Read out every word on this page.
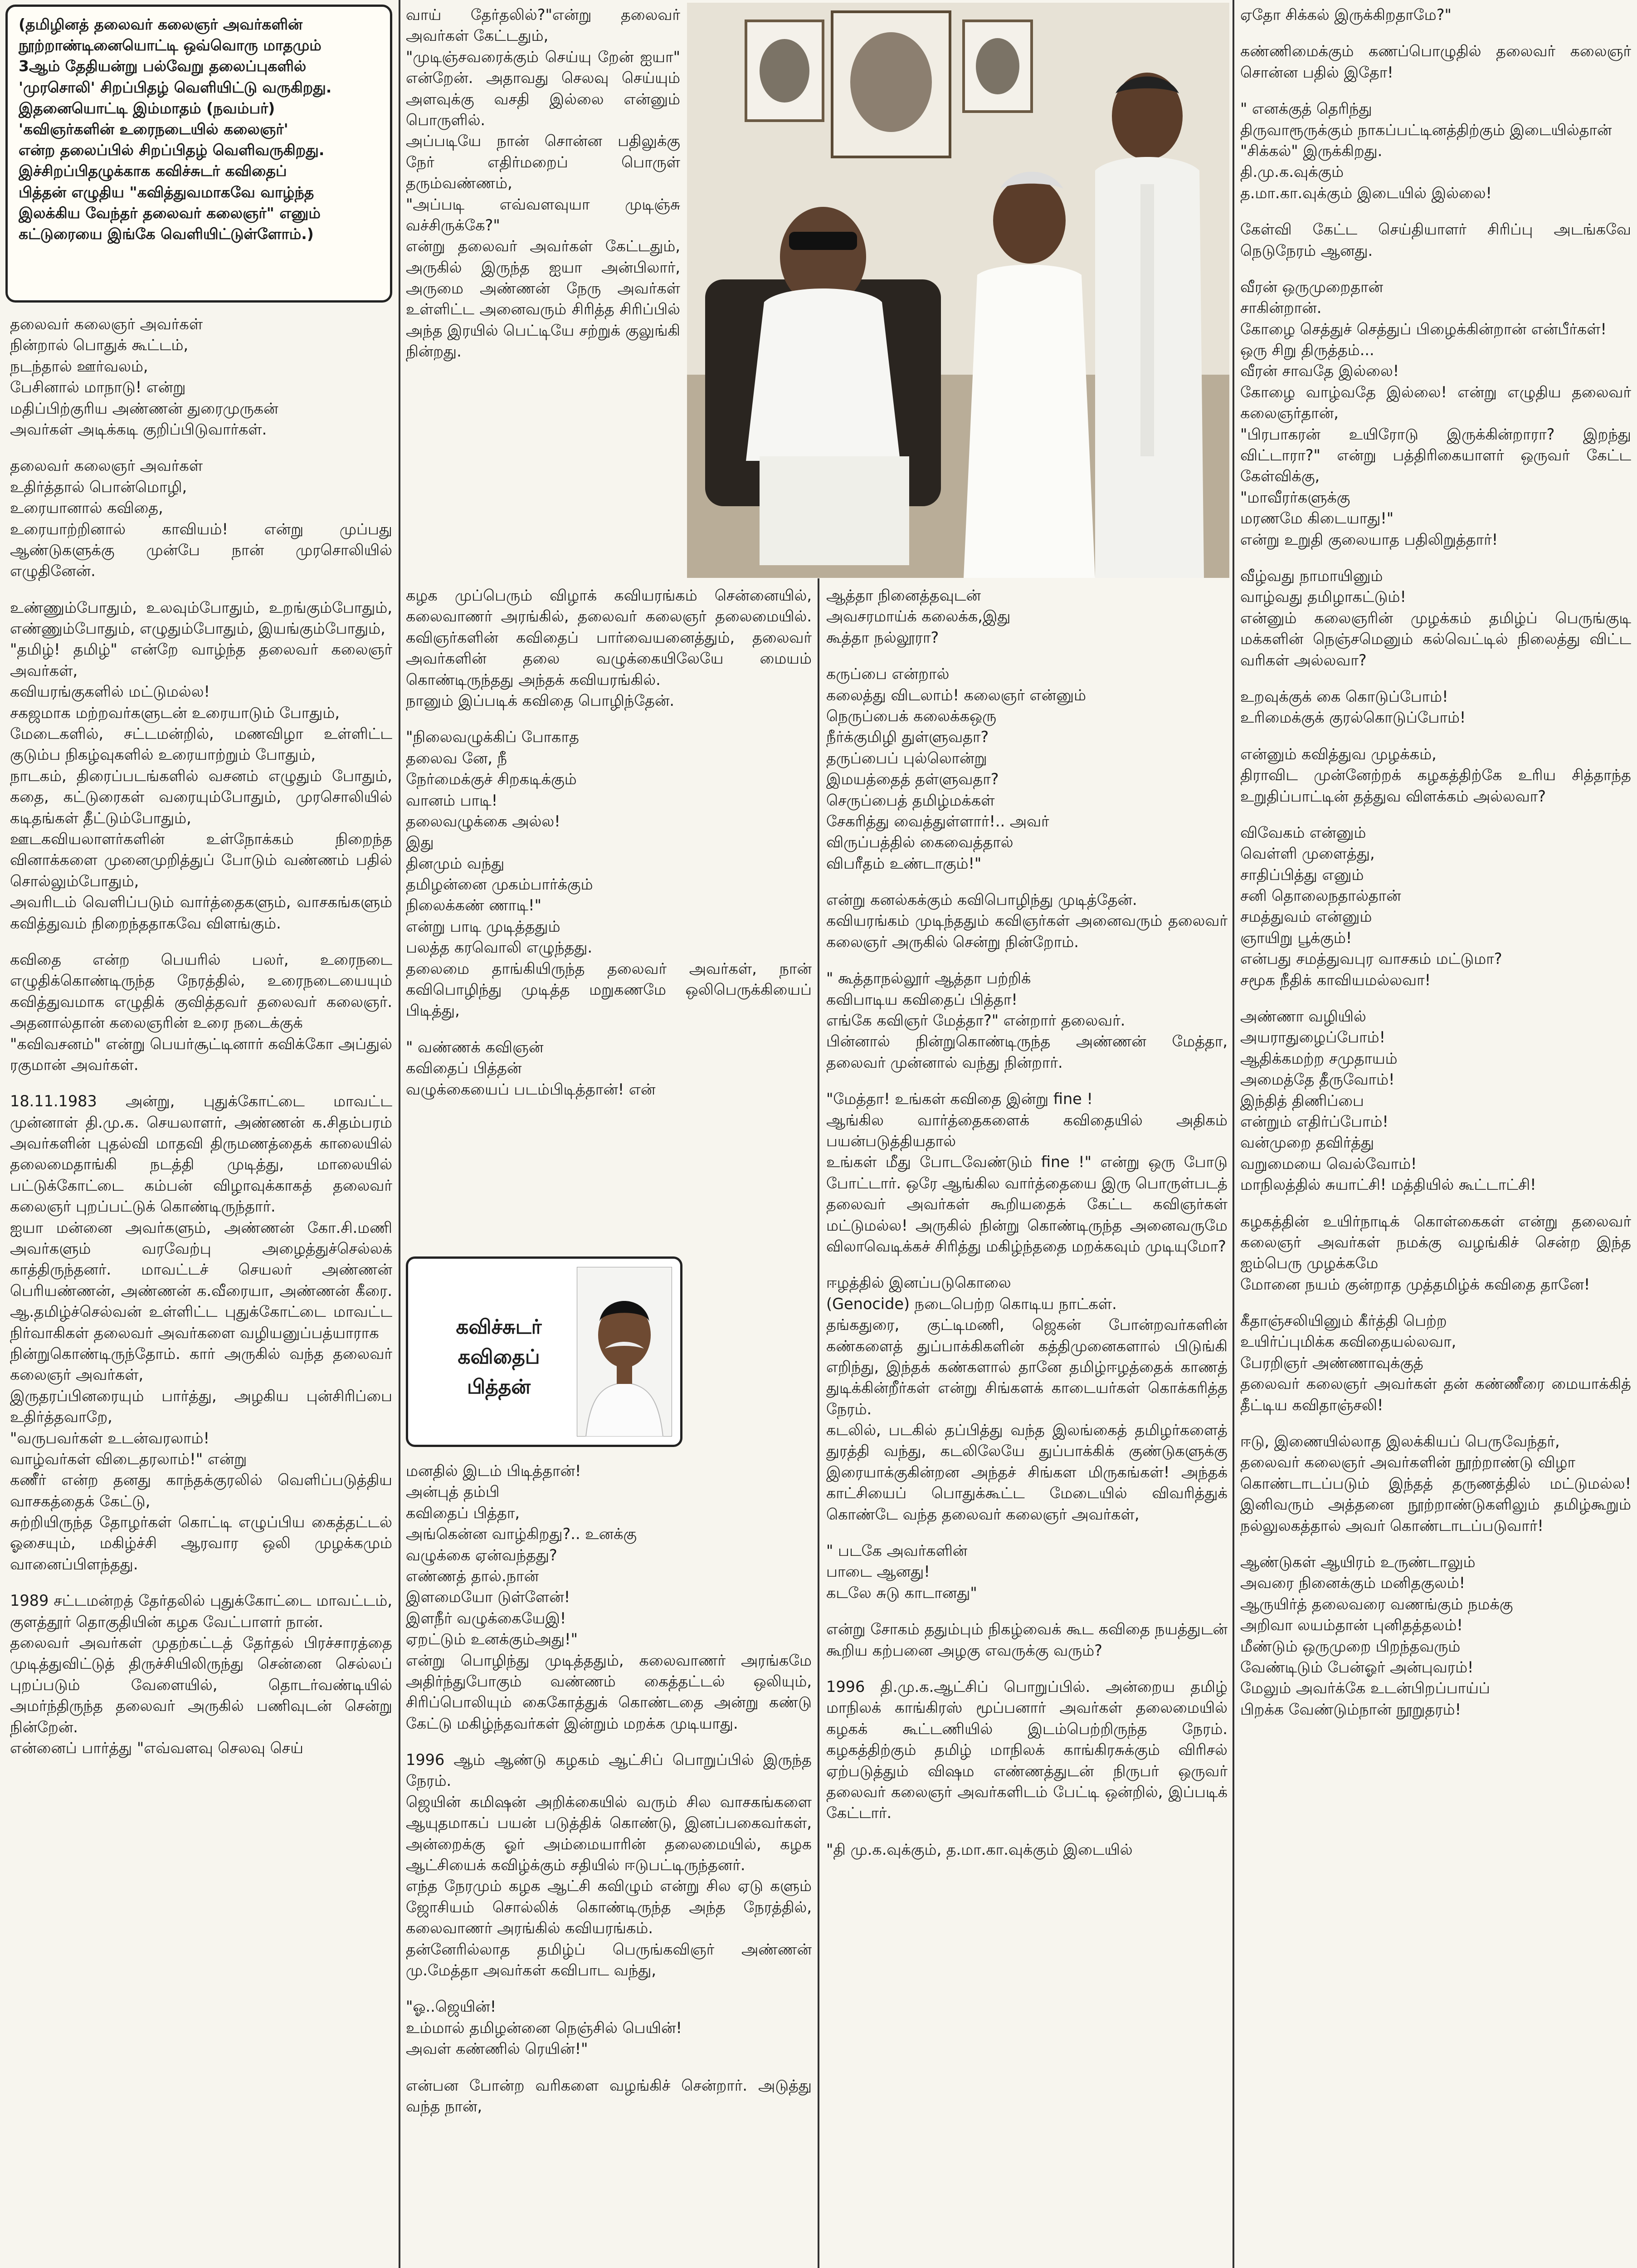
(தமிழினத் தலைவர் கலைஞர் அவர்களின்
நூற்றாண்டினையொட்டி ஒவ்வொரு மாதமும்
3ஆம் தேதியன்று பல்வேறு தலைப்புகளில்
'முரசொலி' சிறப்பிதழ் வெளியிட்டு வருகிறது.
இதனையொட்டி இம்மாதம் (நவம்பர்)
'கவிஞர்களின் உரைநடையில் கலைஞர்'
என்ற தலைப்பில் சிறப்பிதழ் வெளிவருகிறது.
இச்சிறப்பிதழுக்காக கவிச்சுடர் கவிதைப்
பித்தன் எழுதிய "கவித்துவமாகவே வாழ்ந்த
இலக்கிய வேந்தர் தலைவர் கலைஞர்" எனும்
கட்டுரையை இங்கே வெளியிட்டுள்ளோம்.)

தலைவர் கலைஞர் அவர்கள்
நின்றால் பொதுக் கூட்டம்,
நடந்தால் ஊர்வலம்,
பேசினால் மாநாடு! என்று
மதிப்பிற்குரிய அண்ணன் துரைமுருகன்
அவர்கள் அடிக்கடி குறிப்பிடுவார்கள்.

தலைவர் கலைஞர் அவர்கள்
உதிர்த்தால் பொன்மொழி,
உரையானால் கவிதை,
உரையாற்றினால் காவியம்! என்று முப்பது ஆண்டுகளுக்கு முன்பே நான் முரசொலியில் எழுதினேன்.

உண்ணும்போதும், உலவும்போதும், உறங்கும்போதும், எண்ணும்போதும், எழுதும்போதும், இயங்கும்போதும்,
"தமிழ்! தமிழ்" என்றே வாழ்ந்த தலைவர் கலைஞர் அவர்கள்,
கவியரங்குகளில் மட்டுமல்ல!
சகஜமாக மற்றவர்களுடன் உரையாடும் போதும்,
மேடைகளில், சட்டமன்றில், மணவிழா உள்ளிட்ட குடும்ப நிகழ்வுகளில் உரையாற்றும் போதும்,
நாடகம், திரைப்படங்களில் வசனம் எழுதும் போதும், கதை, கட்டுரைகள் வரையும்போதும், முரசொலியில் கடிதங்கள் தீட்டும்போதும்,
ஊடகவியலாளர்களின் உள்நோக்கம் நிறைந்த வினாக்களை முனைமுறித்துப் போடும் வண்ணம் பதில் சொல்லும்போதும்,
அவரிடம் வெளிப்படும் வார்த்தைகளும், வாசகங்களும் கவித்துவம் நிறைந்ததாகவே விளங்கும்.

கவிதை என்ற பெயரில் பலர், உரைநடை எழுதிக்கொண்டிருந்த நேரத்தில், உரைநடையையும் கவித்துவமாக எழுதிக் குவித்தவர் தலைவர் கலைஞர். அதனால்தான் கலைஞரின் உரை நடைக்குக்
"கவிவசனம்" என்று பெயர்சூட்டினார் கவிக்கோ அப்துல் ரகுமான் அவர்கள்.

18.11.1983 அன்று, புதுக்கோட்டை மாவட்ட முன்னாள் தி.மு.க. செயலாளர், அண்ணன் க.சிதம்பரம் அவர்களின் புதல்வி மாதவி திருமணத்தைக் காலையில் தலைமைதாங்கி நடத்தி முடித்து, மாலையில் பட்டுக்கோட்டை கம்பன் விழாவுக்காகத் தலைவர் கலைஞர் புறப்பட்டுக் கொண்டிருந்தார்.
ஐயா மன்னை அவர்களும், அண்ணன் கோ.சி.மணி அவர்களும் வரவேற்பு அழைத்துச்செல்லக் காத்திருந்தனர். மாவட்டச் செயலர் அண்ணன் பெரியண்ணன், அண்ணன் க.வீரையா, அண்ணன் கீரை. ஆ.தமிழ்ச்செல்வன் உள்ளிட்ட புதுக்கோட்டை மாவட்ட நிர்வாகிகள் தலைவர் அவர்களை வழியனுப்பத்யாராக
நின்றுகொண்டிருந்தோம். கார் அருகில் வந்த தலைவர் கலைஞர் அவர்கள்,
இருதரப்பினரையும் பார்த்து, அழகிய புன்சிரிப்பை உதிர்த்தவாறே,
"வருபவர்கள் உடன்வரலாம்!
வாழ்வர்கள் விடைதரலாம்!" என்று
கணீர் என்ற தனது காந்தக்குரலில் வெளிப்படுத்திய வாசகத்தைக் கேட்டு,
சுற்றியிருந்த தோழர்கள் கொட்டி எழுப்பிய கைத்தட்டல் ஓசையும், மகிழ்ச்சி ஆரவார ஒலி முழக்கமும் வானைப்பிளந்தது.

1989 சட்டமன்றத் தேர்தலில் புதுக்கோட்டை மாவட்டம், குளத்தூர் தொகுதியின் கழக வேட்பாளர் நான்.
தலைவர் அவர்கள் முதற்கட்டத் தேர்தல் பிரச்சாரத்தை முடித்துவிட்டுத் திருச்சியிலிருந்து சென்னை செல்லப் புறப்படும் வேளையில், தொடர்வண்டியில் அமர்ந்திருந்த தலைவர் அருகில் பணிவுடன் சென்று நின்றேன்.
என்னைப் பார்த்து "எவ்வளவு செலவு செய்

வாய் தேர்தலில்?"என்று தலைவர் அவர்கள் கேட்டதும்,
"முடிஞ்சவரைக்கும் செய்யு றேன் ஐயா" என்றேன். அதாவது செலவு செய்யும் அளவுக்கு வசதி இல்லை என்னும் பொருளில்.
அப்படியே நான் சொன்ன பதிலுக்கு நேர் எதிர்மறைப் பொருள் தரும்வண்ணம்,
"அப்படி எவ்வளவுயா முடிஞ்சு வச்சிருக்கே?"
என்று தலைவர் அவர்கள் கேட்டதும், அருகில் இருந்த ஐயா அன்பிலார், அருமை அண்ணன் நேரு அவர்கள் உள்ளிட்ட அனைவரும் சிரித்த சிரிப்பில் அந்த இரயில் பெட்டியே சற்றுக் குலுங்கி நின்றது.

கழக முப்பெரும் விழாக் கவியரங்கம் சென்னையில், கலைவாணர் அரங்கில், தலைவர் கலைஞர் தலைமையில். கவிஞர்களின் கவிதைப் பார்வையனைத்தும், தலைவர் அவர்களின் தலை வழுக்கையிலேயே மையம் கொண்டிருந்தது அந்தக் கவியரங்கில்.
நானும் இப்படிக் கவிதை பொழிந்தேன்.

"நிலைவழுக்கிப் போகாத
தலைவ னே, நீ
நேர்மைக்குச் சிறகடிக்கும்
வானம் பாடி!
தலைவழுக்கை அல்ல!
இது
தினமும் வந்து
தமிழன்னை முகம்பார்க்கும்
நிலைக்கண் ணாடி!"
என்று பாடி முடித்ததும்
பலத்த கரவொலி எழுந்தது.
தலைமை தாங்கியிருந்த தலைவர் அவர்கள், நான் கவிபொழிந்து முடித்த மறுகணமே ஒலிபெருக்கியைப் பிடித்து,

" வண்ணக் கவிஞன்
கவிதைப் பித்தன்
வழுக்கையைப் படம்பிடித்தான்! என்

மனதில் இடம் பிடித்தான்!
அன்புத் தம்பி
கவிதைப் பித்தா,
அங்கென்ன வாழ்கிறது?.. உனக்கு
வழுக்கை ஏன்வந்தது?
எண்ணத் தால்.நான்
இளமையோ டுள்ளேன்!
இளநீர் வழுக்கையேஇ!
ஏறட்டும் உனக்கும்அது!"
என்று பொழிந்து முடித்ததும், கலைவாணர் அரங்கமே அதிர்ந்துபோகும் வண்ணம் கைத்தட்டல் ஒலியும், சிரிப்பொலியும் கைகோத்துக் கொண்டதை அன்று கண்டு கேட்டு மகிழ்ந்தவர்கள் இன்றும் மறக்க முடியாது.

1996 ஆம் ஆண்டு கழகம் ஆட்சிப் பொறுப்பில் இருந்த நேரம்.
ஜெயின் கமிஷன் அறிக்கையில் வரும் சில வாசகங்களை ஆயுதமாகப் பயன் படுத்திக் கொண்டு, இனப்பகைவர்கள், அன்றைக்கு ஓர் அம்மையாரின் தலைமையில், கழக ஆட்சியைக் கவிழ்க்கும் சதியில் ஈடுபட்டிருந்தனர்.
எந்த நேரமும் கழக ஆட்சி கவிழும் என்று சில ஏடு களும் ஜோசியம் சொல்லிக் கொண்டிருந்த அந்த நேரத்தில், கலைவாணர் அரங்கில் கவியரங்கம்.
தன்னேரில்லாத தமிழ்ப் பெருங்கவிஞர் அண்ணன் மு.மேத்தா அவர்கள் கவிபாட வந்து,

"ஓ..ஜெயின்!
உம்மால் தமிழன்னை நெஞ்சில் பெயின்!
அவள் கண்ணில் ரெயின்!"

என்பன போன்ற வரிகளை வழங்கிச் சென்றார். அடுத்து வந்த நான்,

கவிச்சுடர்
கவிதைப் பித்தன்

ஆத்தா நினைத்தவுடன்
அவசரமாய்க் கலைக்க,இது
கூத்தா நல்லூரா?

கருப்பை என்றால்
கலைத்து விடலாம்! கலைஞர் என்னும்
நெருப்பைக் கலைக்கஒரு
நீர்க்குமிழி துள்ளுவதா?
தருப்பைப் புல்லொன்று
இமயத்தைத் தள்ளுவதா?
செருப்பைத் தமிழ்மக்கள்
சேகரித்து வைத்துள்ளார்!.. அவர்
விருப்பத்தில் கைவைத்தால்
விபரீதம் உண்டாகும்!"

என்று கனல்கக்கும் கவிபொழிந்து முடித்தேன்.
கவியரங்கம் முடிந்ததும் கவிஞர்கள் அனைவரும் தலைவர் கலைஞர் அருகில் சென்று நின்றோம்.

" கூத்தாநல்லூர் ஆத்தா பற்றிக்
கவிபாடிய கவிதைப் பித்தா!
எங்கே கவிஞர் மேத்தா?" என்றார் தலைவர்.
பின்னால் நின்றுகொண்டிருந்த அண்ணன் மேத்தா, தலைவர் முன்னால் வந்து நின்றார்.

"மேத்தா! உங்கள் கவிதை இன்று fine !
ஆங்கில வார்த்தைகளைக் கவிதையில் அதிகம் பயன்படுத்தியதால்
உங்கள் மீது போடவேண்டும் fine !" என்று ஒரு போடு போட்டார். ஒரே ஆங்கில வார்த்தையை இரு பொருள்படத் தலைவர் அவர்கள் கூறியதைக் கேட்ட கவிஞர்கள் மட்டுமல்ல! அருகில் நின்று கொண்டிருந்த அனைவருமே விலாவெடிக்கச் சிரித்து மகிழ்ந்ததை மறக்கவும் முடியுமோ?

ஈழத்தில் இனப்படுகொலை
(Genocide) நடைபெற்ற கொடிய நாட்கள்.
தங்கதுரை, குட்டிமணி, ஜெகன் போன்றவர்களின் கண்களைத் துப்பாக்கிகளின் கத்திமுனைகளால் பிடுங்கி எறிந்து, இந்தக் கண்களால் தானே தமிழ்ஈழத்தைக் காணத் துடிக்கின்றீர்கள் என்று சிங்களக் காடையர்கள் கொக்கரித்த நேரம்.
கடலில், படகில் தப்பித்து வந்த இலங்கைத் தமிழர்களைத் துரத்தி வந்து, கடலிலேயே துப்பாக்கிக் குண்டுகளுக்கு இரையாக்குகின்றன அந்தச் சிங்கள மிருகங்கள்! அந்தக் காட்சியைப் பொதுக்கூட்ட மேடையில் விவரித்துக் கொண்டே வந்த தலைவர் கலைஞர் அவர்கள்,

" படகே அவர்களின்
பாடை ஆனது!
கடலே சுடு காடானது"

என்று சோகம் ததும்பும் நிகழ்வைக் கூட கவிதை நயத்துடன் கூறிய கற்பனை அழகு எவருக்கு வரும்?

1996 தி.மு.க.ஆட்சிப் பொறுப்பில். அன்றைய தமிழ் மாநிலக் காங்கிரஸ் மூப்பனார் அவர்கள் தலைமையில் கழகக் கூட்டணியில் இடம்பெற்றிருந்த நேரம். கழகத்திற்கும் தமிழ் மாநிலக் காங்கிரசுக்கும் விரிசல் ஏற்படுத்தும் விஷம எண்ணத்துடன் நிருபர் ஒருவர் தலைவர் கலைஞர் அவர்களிடம் பேட்டி ஒன்றில், இப்படிக் கேட்டார்.

"தி மு.க.வுக்கும், த.மா.கா.வுக்கும் இடையில்

ஏதோ சிக்கல் இருக்கிறதாமே?"

கண்ணிமைக்கும் கணப்பொழுதில் தலைவர் கலைஞர் சொன்ன பதில் இதோ!

" எனக்குத் தெரிந்து
திருவாரூருக்கும் நாகப்பட்டினத்திற்கும் இடையில்தான்
"சிக்கல்" இருக்கிறது.
தி.மு.க.வுக்கும்
த.மா.கா.வுக்கும் இடையில் இல்லை!

கேள்வி கேட்ட செய்தியாளர் சிரிப்பு அடங்கவே நெடுநேரம் ஆனது.

வீரன் ஒருமுறைதான்
சாகின்றான்.
கோழை செத்துச் செத்துப் பிழைக்கின்றான் என்பீர்கள்!
ஒரு சிறு திருத்தம்...
வீரன் சாவதே இல்லை!
கோழை வாழ்வதே இல்லை! என்று எழுதிய தலைவர் கலைஞர்தான்,
"பிரபாகரன் உயிரோடு இருக்கின்றாரா? இறந்து விட்டாரா?" என்று பத்திரிகையாளர் ஒருவர் கேட்ட கேள்விக்கு,
"மாவீரர்களுக்கு
மரணமே கிடையாது!"
என்று உறுதி குலையாத பதிலிறுத்தார்!

வீழ்வது நாமாயினும்
வாழ்வது தமிழாகட்டும்!
என்னும் கலைஞரின் முழக்கம் தமிழ்ப் பெருங்குடி மக்களின் நெஞ்சமெனும் கல்வெட்டில் நிலைத்து விட்ட வரிகள் அல்லவா?

உறவுக்குக் கை கொடுப்போம்!
உரிமைக்குக் குரல்கொடுப்போம்!

என்னும் கவித்துவ முழக்கம்,
திராவிட முன்னேற்றக் கழகத்திற்கே உரிய சித்தாந்த உறுதிப்பாட்டின் தத்துவ விளக்கம் அல்லவா?

விவேகம் என்னும்
வெள்ளி முளைத்து,
சாதிப்பித்து எனும்
சனி தொலைநதால்தான்
சமத்துவம் என்னும்
ஞாயிறு பூக்கும்!
என்பது சமத்துவபுர வாசகம் மட்டுமா?
சமூக நீதிக் காவியமல்லவா!

அண்ணா வழியில்
அயராதுழைப்போம்!
ஆதிக்கமற்ற சமுதாயம்
அமைத்தே தீருவோம்!
இந்தித் திணிப்பை
என்றும் எதிர்ப்போம்!
வன்முறை தவிர்த்து
வறுமையை வெல்வோம்!
மாநிலத்தில் சுயாட்சி! மத்தியில் கூட்டாட்சி!

கழகத்தின் உயிர்நாடிக் கொள்கைகள் என்று தலைவர் கலைஞர் அவர்கள் நமக்கு வழங்கிச் சென்ற இந்த ஐம்பெரு முழக்கமே
மோனை நயம் குன்றாத முத்தமிழ்க் கவிதை தானே!

கீதாஞ்சலியினும் கீர்த்தி பெற்ற
உயிர்ப்புமிக்க கவிதையல்லவா,
பேரறிஞர் அண்ணாவுக்குத்
தலைவர் கலைஞர் அவர்கள் தன் கண்ணீரை மையாக்கித் தீட்டிய கவிதாஞ்சலி!

ஈடு, இணையில்லாத இலக்கியப் பெருவேந்தர்,
தலைவர் கலைஞர் அவர்களின் நூற்றாண்டு விழா
கொண்டாடப்படும் இந்தத் தருணத்தில் மட்டுமல்ல! இனிவரும் அத்தனை நூற்றாண்டுகளிலும் தமிழ்கூறும் நல்லுலகத்தால் அவர் கொண்டாடப்படுவார்!

ஆண்டுகள் ஆயிரம் உருண்டாலும்
அவரை நினைக்கும் மனிதகுலம்!
ஆருயிர்த் தலைவரை வணங்கும் நமக்கு
அறிவா லயம்தான் புனிதத்தலம்!
மீண்டும் ஒருமுறை பிறந்தவரும்
வேண்டிடும் பேன்ஓர் அன்புவரம்!
மேலும் அவர்க்கே உடன்பிறப்பாய்ப்
பிறக்க வேண்டும்நான் நூறுதரம்!
